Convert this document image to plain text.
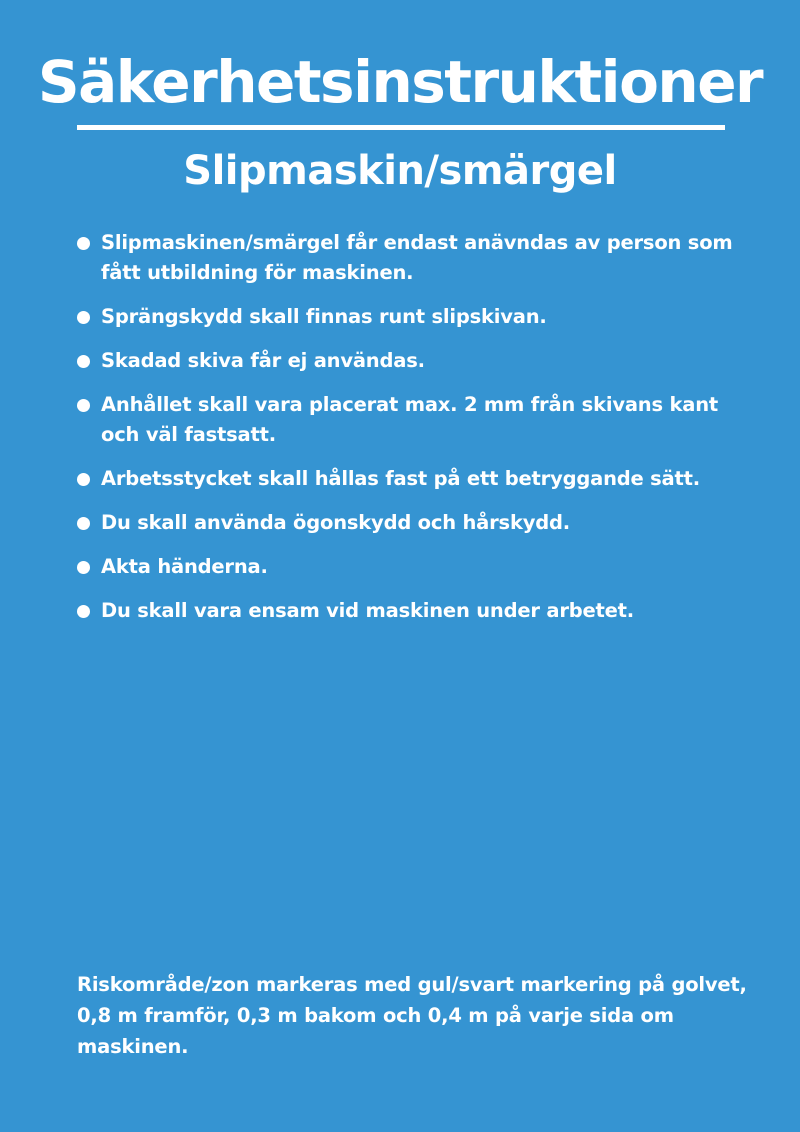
Säkerhetsinstruktioner
Slipmaskin/smärgel
Slipmaskinen/smärgel får endast anävndas av person som fått utbildning för maskinen.
Sprängskydd skall finnas runt slipskivan.
Skadad skiva får ej användas.
Anhållet skall vara placerat max. 2 mm från skivans kant och väl fastsatt.
Arbetsstycket skall hållas fast på ett betryggande sätt.
Du skall använda ögonskydd och hårskydd.
Akta händerna.
Du skall vara ensam vid maskinen under arbetet.

Riskområde/zon markeras med gul/svart markering på golvet, 0,8 m framför, 0,3 m bakom och 0,4 m på varje sida om maskinen.
